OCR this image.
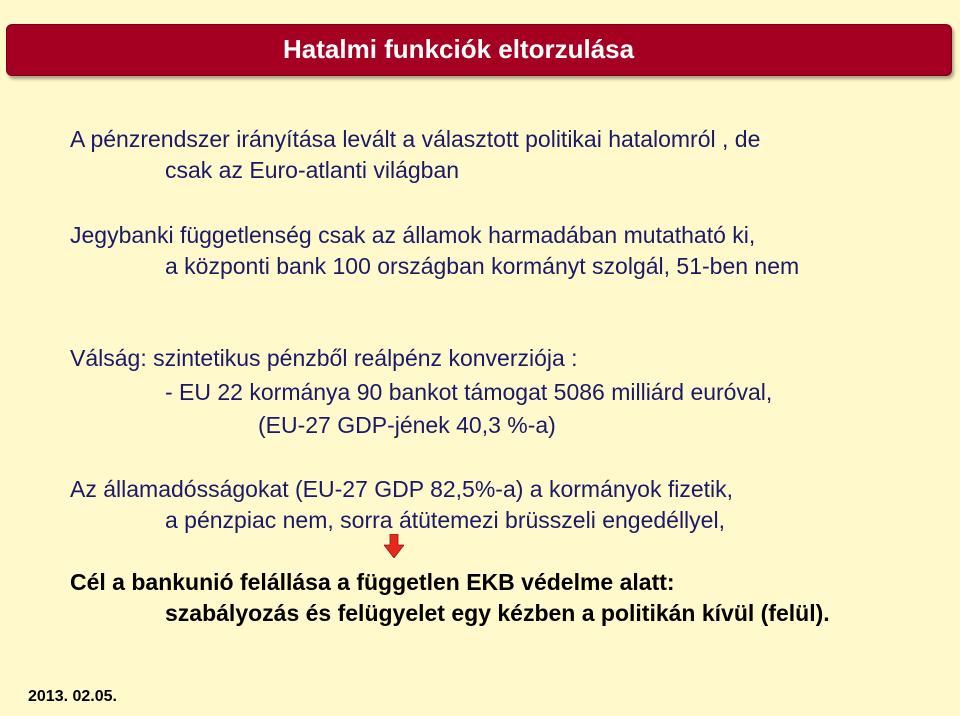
Hatalmi funkciók eltorzulása
A pénzrendszer irányítása levált a választott politikai hatalomról , de
csak az Euro-atlanti világban
Jegybanki függetlenség csak az államok harmadában mutatható ki,
a központi bank 100 országban kormányt szolgál, 51-ben nem
Válság: szintetikus pénzből reálpénz konverziója :
- EU 22 kormánya 90 bankot támogat 5086 milliárd euróval,
(EU-27 GDP-jének 40,3 %-a)
Az államadósságokat (EU-27 GDP 82,5%-a) a kormányok fizetik,
a pénzpiac nem, sorra átütemezi brüsszeli engedéllyel,
Cél a bankunió felállása a független EKB védelme alatt:
szabályozás és felügyelet egy kézben a politikán kívül (felül).
2013. 02.05.
